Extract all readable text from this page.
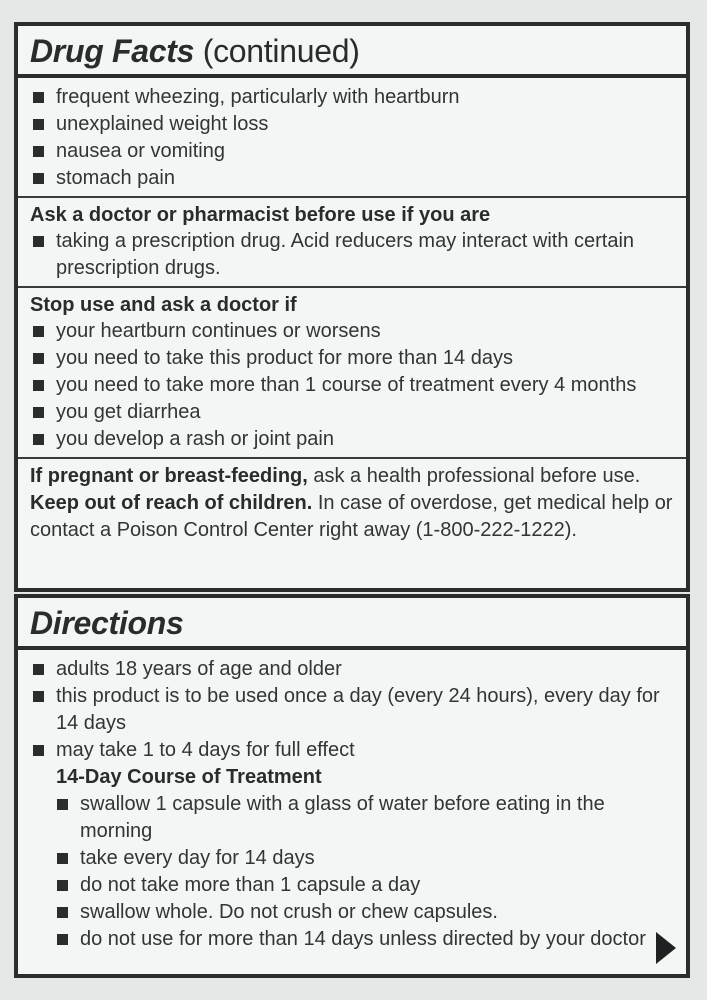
Drug Facts (continued)
frequent wheezing, particularly with heartburn
unexplained weight loss
nausea or vomiting
stomach pain
Ask a doctor or pharmacist before use if you are
taking a prescription drug. Acid reducers may interact with certain prescription drugs.
Stop use and ask a doctor if
your heartburn continues or worsens
you need to take this product for more than 14 days
you need to take more than 1 course of treatment every 4 months
you get diarrhea
you develop a rash or joint pain
If pregnant or breast-feeding, ask a health professional before use.
Keep out of reach of children. In case of overdose, get medical help or contact a Poison Control Center right away (1-800-222-1222).
Directions
adults 18 years of age and older
this product is to be used once a day (every 24 hours), every day for 14 days
may take 1 to 4 days for full effect
14-Day Course of Treatment
swallow 1 capsule with a glass of water before eating in the morning
take every day for 14 days
do not take more than 1 capsule a day
swallow whole. Do not crush or chew capsules.
do not use for more than 14 days unless directed by your doctor
